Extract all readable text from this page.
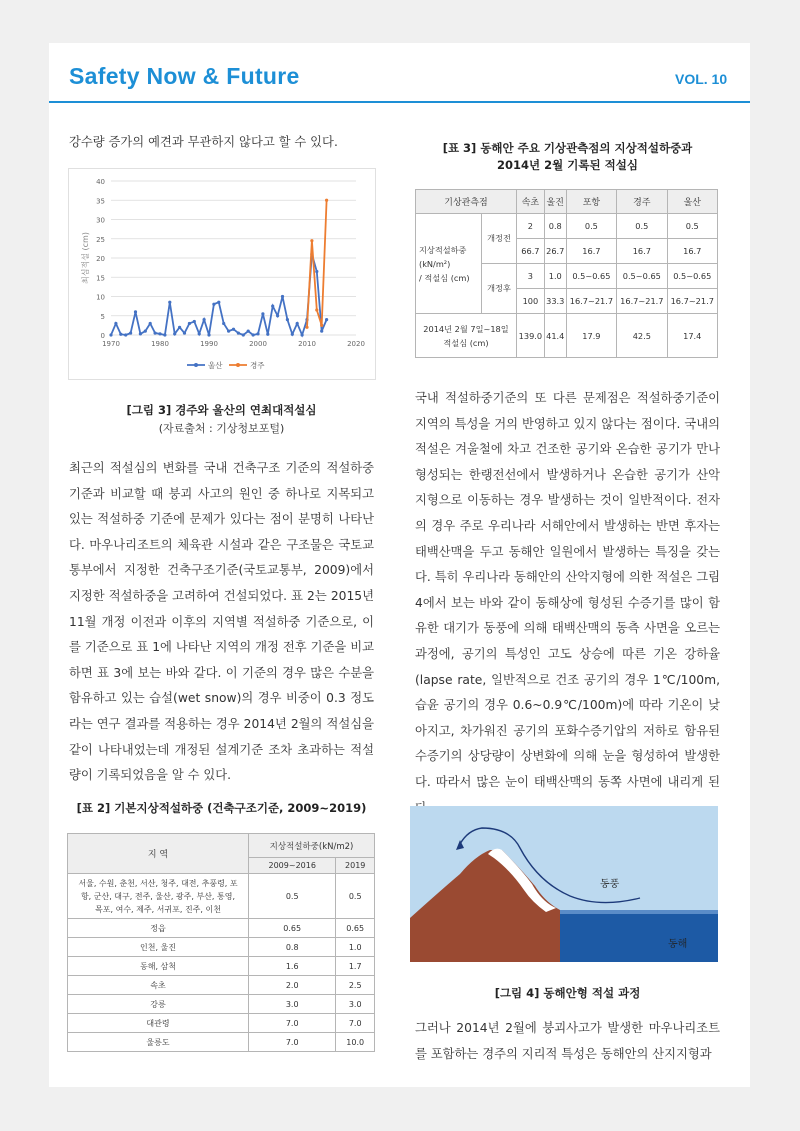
Safety Now & Future	VOL. 10
강수량 증가의 예견과 무관하지 않다고 할 수 있다.
0
5
10
15
20
25
30
35
40
1970	1980	1990	2000	2010	2020
최심적설 (cm)
울산	경주
[그림 3] 경주와 울산의 연최대적설심
(자료출처 : 기상청보포털)
최근의 적설심의 변화를 국내 건축구조 기준의 적설하중 기준과 비교할 때 붕괴 사고의 원인 중 하나로 지목되고 있는 적설하중 기준에 문제가 있다는 점이 분명히 나타난다. 마우나리조트의 체육관 시설과 같은 구조물은 국토교통부에서 지정한 건축구조기준(국토교통부, 2009)에서 지정한 적설하중을 고려하여 건설되었다. 표 2는 2015년 11월 개정 이전과 이후의 지역별 적설하중 기준으로, 이를 기준으로 표 1에 나타난 지역의 개정 전후 기준을 비교하면 표 3에 보는 바와 같다. 이 기준의 경우 많은 수분을 함유하고 있는 습설(wet snow)의 경우 비중이 0.3 정도라는 연구 결과를 적용하는 경우 2014년 2월의 적설심을 같이 나타내었는데 개정된 설계기준 조차 초과하는 적설량이 기록되었음을 알 수 있다.
[표 2] 기본지상적설하중 (건축구조기준, 2009~2019)
지 역	지상적설하중(kN/m2)	
	2009~2016	2019
서울, 수원, 춘천, 서산, 청주, 대전, 추풍령, 포항, 군산, 대구, 전주, 울산, 광주, 부산, 통영, 목포, 여수, 제주, 서귀포, 진주, 이천	0.5	0.5
정읍	0.65	0.65
인천, 울진	0.8	1.0
동해, 삼척	1.6	1.7
속초	2.0	2.5
강릉	3.0	3.0
대관령	7.0	7.0
울릉도	7.0	10.0
[표 3] 동해안 주요 기상관측점의 지상적설하중과
2014년 2월 기록된 적설심
기상관측점		속초	울진	포항	경주	울산
지상적설하중
(kN/m²)
/ 적설심 (cm)	개정전	2	0.8	0.5	0.5	0.5
		66.7	26.7	16.7	16.7	16.7
	개정후	3	1.0	0.5~0.65	0.5~0.65	0.5~0.65
		100	33.3	16.7~21.7	16.7~21.7	16.7~21.7
2014년 2월 7일~18일
적설심 (cm)		139.0	41.4	17.9	42.5	17.4
국내 적설하중기준의 또 다른 문제점은 적설하중기준이 지역의 특성을 거의 반영하고 있지 않다는 점이다. 국내의 적설은 겨울철에 차고 건조한 공기와 온습한 공기가 만나 형성되는 한랭전선에서 발생하거나 온습한 공기가 산악 지형으로 이동하는 경우 발생하는 것이 일반적이다. 전자의 경우 주로 우리나라 서해안에서 발생하는 반면 후자는 태백산맥을 두고 동해안 일원에서 발생하는 특징을 갖는다. 특히 우리나라 동해안의 산악지형에 의한 적설은 그림 4에서 보는 바와 같이 동해상에 형성된 수증기를 많이 함유한 대기가 동풍에 의해 태백산맥의 동측 사면을 오르는 과정에, 공기의 특성인 고도 상승에 따른 기온 강하율 (lapse rate, 일반적으로 건조 공기의 경우 1℃/100m, 습윤 공기의 경우 0.6~0.9℃/100m)에 따라 기온이 낮아지고, 차가워진 공기의 포화수증기압의 저하로 함유된 수증기의 상당량이 상변화에 의해 눈을 형성하여 발생한다. 따라서 많은 눈이 태백산맥의 동쪽 사면에 내리게 된
동풍
동해
[그림 4] 동해안형 적설 과정
그러나 2014년 2월에 붕괴사고가 발생한 마우나리조트를 포함하는 경주의 지리적 특성은 동해안의 산지지형과
